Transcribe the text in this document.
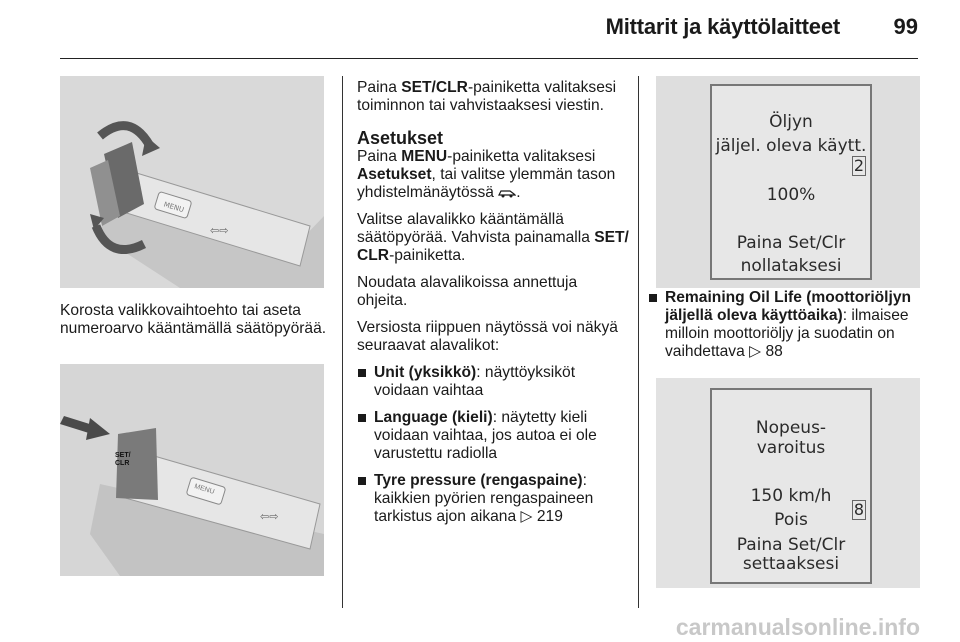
Mittarit ja käyttölaitteet 99
MENU
⇦⇨

Korosta valikkovaihtoehto tai aseta numeroarvo kääntämällä säätöpyörää.

⇦⇨
SET/ CLR
MENU

Paina SET/CLR-painiketta valitaksesi toiminnon tai vahvistaaksesi viestin.

Asetukset

Paina MENU-painiketta valitaksesi Asetukset, tai valitse ylemmän tason yhdistelmänäytössä .

Valitse alavalikko kääntämällä säätöpyörää. Vahvista painamalla SET/ CLR-painiketta.

Noudata alavalikoissa annettuja ohjeita.

Versiosta riippuen näytössä voi näkyä seuraavat alavalikot:

Unit (yksikkö): näyttöyksiköt voidaan vaihtaa
Language (kieli): näytetty kieli voidaan vaihtaa, jos autoa ei ole varustettu radiolla
Tyre pressure (rengaspaine): kaikkien pyörien rengaspaineen tarkistus ajon aikana ▷ 219
Öljyn
jäljel. oleva käytt.
2
100%
Paina Set/Clr
nollataksesi
Remaining Oil Life (moottoriöljyn jäljellä oleva käyttöaika): ilmaisee milloin moottoriöljy ja suodatin on vaihdettava ▷ 88
Nopeus-
varoitus
150 km/h
8
Pois
Paina Set/Clr
settaaksesi
carmanualsonline.info
